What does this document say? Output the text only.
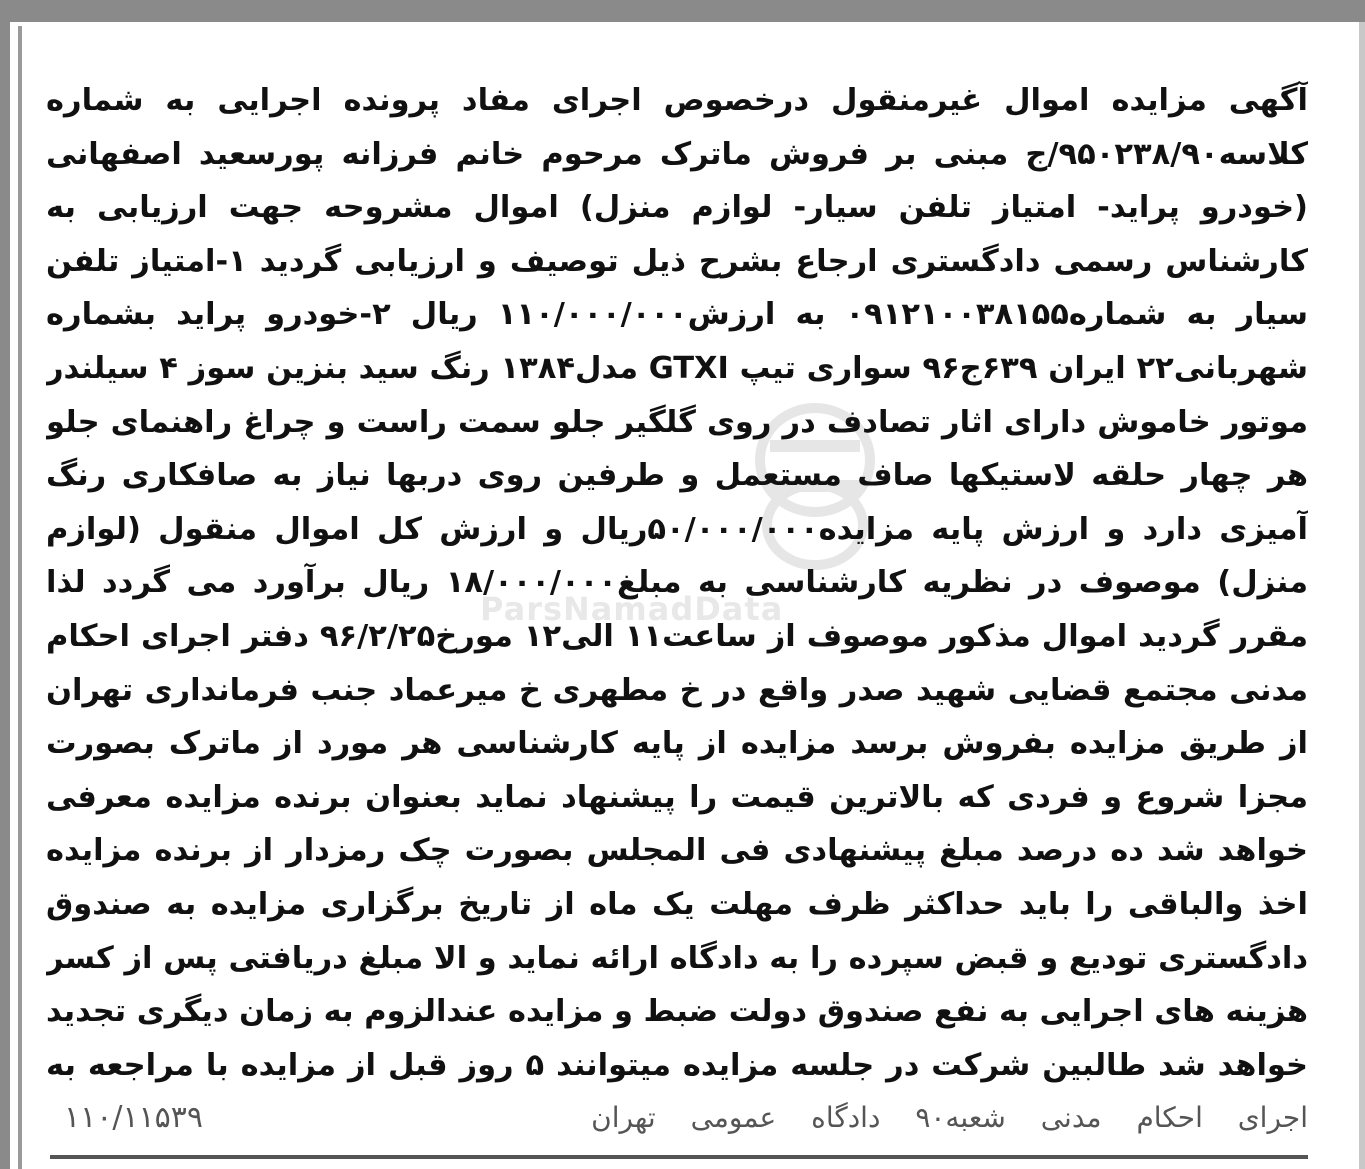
ParsNamadData

آگهی مزایده اموال غیرمنقول درخصوص اجرای مفاد پرونده اجرایی به شماره کلاسه۹۵۰۲۳۸/۹۰/ج مبنی بر فروش ماترک مرحوم خانم فرزانه پورسعید اصفهانی (خودرو پراید- امتیاز تلفن سیار- لوازم منزل) اموال مشروحه جهت ارزیابی به کارشناس رسمی دادگستری ارجاع بشرح ذیل توصیف و ارزیابی گردید ۱-امتیاز تلفن سیار به شماره۰۹۱۲۱۰۰۳۸۱۵۵ به ارزش۱۱۰/۰۰۰/۰۰۰ ریال ۲-خودرو پراید بشماره شهربانی۲۲ ایران ۶۳۹ج۹۶ سواری تیپ GTXI مدل۱۳۸۴ رنگ سید بنزین سوز ۴ سیلندر موتور خاموش دارای اثار تصادف در روی گلگیر جلو سمت راست و چراغ راهنمای جلو هر چهار حلقه لاستیکها صاف مستعمل و طرفین روی دربها نیاز به صافکاری رنگ آمیزی دارد و ارزش پایه مزایده۵۰/۰۰۰/۰۰۰ریال و ارزش کل اموال منقول (لوازم منزل) موصوف در نظریه کارشناسی به مبلغ۱۸/۰۰۰/۰۰۰ ریال برآورد می گردد لذا مقرر گردید اموال مذکور موصوف از ساعت۱۱ الی۱۲ مورخ۹۶/۲/۲۵ دفتر اجرای احکام مدنی مجتمع قضایی شهید صدر واقع در خ مطهری خ میرعماد جنب فرمانداری تهران از طریق مزایده بفروش برسد مزایده از پایه کارشناسی هر مورد از ماترک بصورت مجزا شروع و فردی که بالاترین قیمت را پیشنهاد نماید بعنوان برنده مزایده معرفی خواهد شد ده درصد مبلغ پیشنهادی فی المجلس بصورت چک رمزدار از برنده مزایده اخذ والباقی را باید حداکثر ظرف مهلت یک ماه از تاریخ برگزاری مزایده به صندوق دادگستری تودیع و قبض سپرده را به دادگاه ارائه نماید و الا مبلغ دریافتی پس از کسر هزینه های اجرایی به نفع صندوق دولت ضبط و مزایده عندالزوم به زمان دیگری تجدید خواهد شد طالبین شرکت در جلسه مزایده میتوانند ۵ روز قبل از مزایده با مراجعه به

اجرای احکام مدنی شعبه۹۰ دادگاه عمومی تهران
۱۱۰/۱۱۵۳۹
